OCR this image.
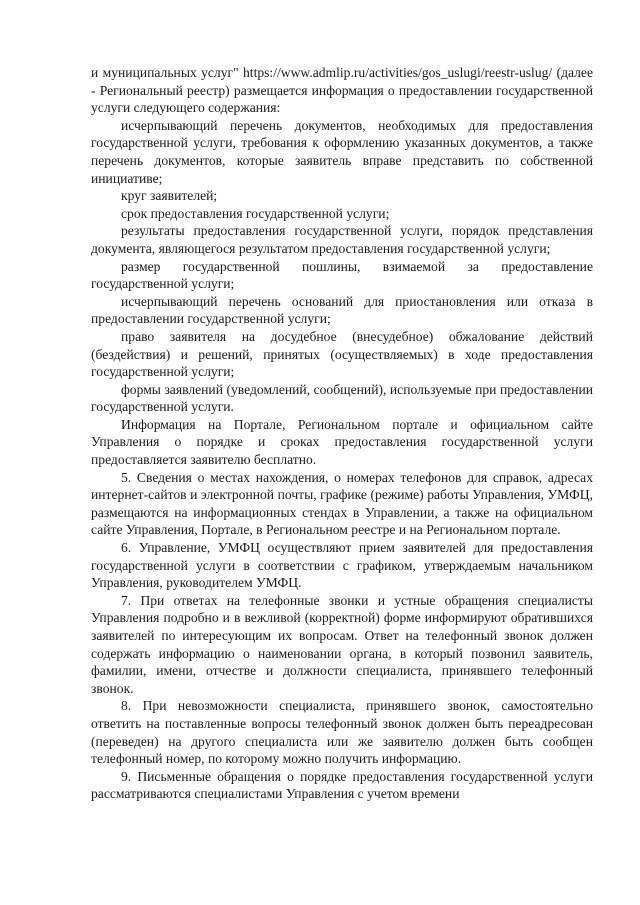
и муниципальных услуг" https://www.admlip.ru/activities/gos_uslugi/reestr-uslug/ (далее - Региональный реестр) размещается информация о предоставлении государственной услуги следующего содержания:

исчерпывающий перечень документов, необходимых для предоставления государственной услуги, требования к оформлению указанных документов, а также перечень документов, которые заявитель вправе представить по собственной инициативе;

круг заявителей;

срок предоставления государственной услуги;

результаты предоставления государственной услуги, порядок представления документа, являющегося результатом предоставления государственной услуги;

размер государственной пошлины, взимаемой за предоставление государственной услуги;

исчерпывающий перечень оснований для приостановления или отказа в предоставлении государственной услуги;

право заявителя на досудебное (внесудебное) обжалование действий (бездействия) и решений, принятых (осуществляемых) в ходе предоставления государственной услуги;

формы заявлений (уведомлений, сообщений), используемые при предоставлении государственной услуги.

Информация на Портале, Региональном портале и официальном сайте Управления о порядке и сроках предоставления государственной услуги предоставляется заявителю бесплатно.

5. Сведения о местах нахождения, о номерах телефонов для справок, адресах интернет-сайтов и электронной почты, графике (режиме) работы Управления, УМФЦ, размещаются на информационных стендах в Управлении, а также на официальном сайте Управления, Портале, в Региональном реестре и на Региональном портале.

6. Управление, УМФЦ осуществляют прием заявителей для предоставления государственной услуги в соответствии с графиком, утверждаемым начальником Управления, руководителем УМФЦ.

7. При ответах на телефонные звонки и устные обращения специалисты Управления подробно и в вежливой (корректной) форме информируют обратившихся заявителей по интересующим их вопросам. Ответ на телефонный звонок должен содержать информацию о наименовании органа, в который позвонил заявитель, фамилии, имени, отчестве и должности специалиста, принявшего телефонный звонок.

8. При невозможности специалиста, принявшего звонок, самостоятельно ответить на поставленные вопросы телефонный звонок должен быть переадресован (переведен) на другого специалиста или же заявителю должен быть сообщен телефонный номер, по которому можно получить информацию.

9. Письменные обращения о порядке предоставления государственной услуги рассматриваются специалистами Управления с учетом времени
